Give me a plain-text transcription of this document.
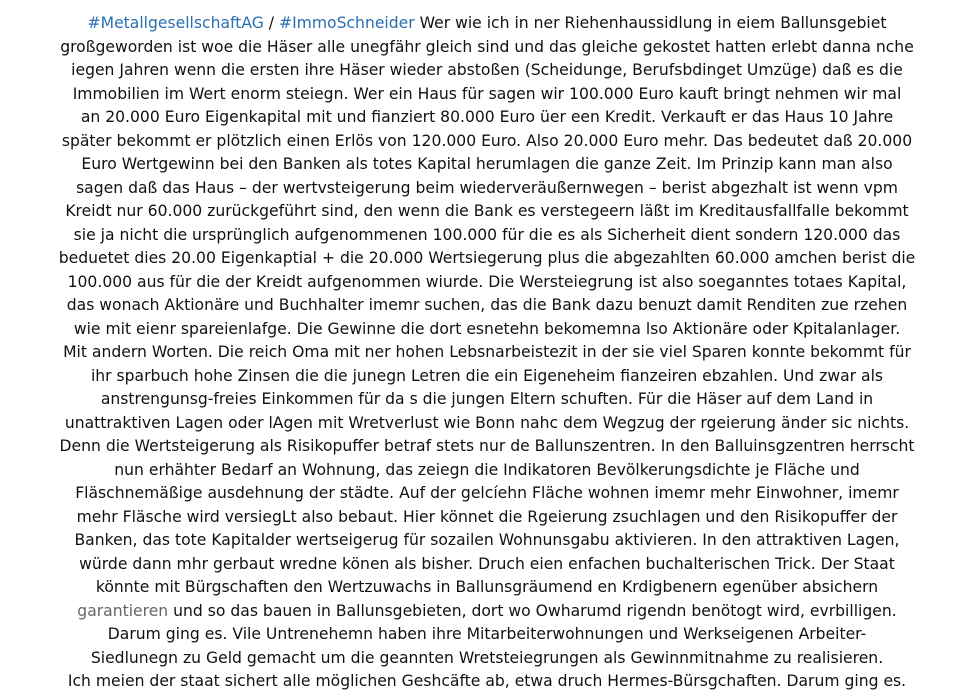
#MetallgesellschaftAG / #ImmoSchneider Wer wie ich in ner Riehenhaussidlung in eiem Ballunsgebiet
großgeworden ist woe die Häser alle unegfähr gleich sind und das gleiche gekostet hatten erlebt danna nche
iegen Jahren wenn die ersten ihre Häser wieder abstoßen (Scheidunge, Berufsbdinget Umzüge) daß es die
Immobilien im Wert enorm steiegn. Wer ein Haus für sagen wir 100.000 Euro kauft bringt nehmen wir mal
an 20.000 Euro Eigenkapital mit und fianziert 80.000 Euro üer een Kredit. Verkauft er das Haus 10 Jahre
später bekommt er plötzlich einen Erlös von 120.000 Euro. Also 20.000 Euro mehr. Das bedeutet daß 20.000
Euro Wertgewinn bei den Banken als totes Kapital herumlagen die ganze Zeit. Im Prinzip kann man also
sagen daß das Haus – der wertvsteigerung beim wiederveräußernwegen – berist abgezhalt ist wenn vpm
Kreidt nur 60.000 zurückgeführt sind, den wenn die Bank es verstegeern läßt im Kreditausfallfalle bekommt
sie ja nicht die ursprünglich aufgenommenen 100.000 für die es als Sicherheit dient sondern 120.000 das
beduetet dies 20.00 Eigenkaptial + die 20.000 Wertsiegerung plus die abgezahlten 60.000 amchen berist die
100.000 aus für die der Kreidt aufgenommen wiurde. Die Wersteiegrung ist also soeganntes totaes Kapital,
das wonach Aktionäre und Buchhalter imemr suchen, das die Bank dazu benuzt damit Renditen zue rzehen
wie mit eienr spareienlafge. Die Gewinne die dort esnetehn bekomemna lso Aktionäre oder Kpitalanlager.
Mit andern Worten. Die reich Oma mit ner hohen Lebsnarbeistezit in der sie viel Sparen konnte bekommt für
ihr sparbuch hohe Zinsen die die junegn Letren die ein Eigeneheim fianzeiren ebzahlen. Und zwar als
anstrengunsg-freies Einkommen für da s die jungen Eltern schuften. Für die Häser auf dem Land in
unattraktiven Lagen oder lAgen mit Wretverlust wie Bonn nahc dem Wegzug der rgeierung änder sic nichts.
Denn die Wertsteigerung als Risikopuffer betraf stets nur de Ballunszentren. In den Balluinsgzentren herrscht
nun erhähter Bedarf an Wohnung, das zeiegn die Indikatoren Bevölkerungsdichte je Fläche und
Fläschnemäßige ausdehnung der städte. Auf der gelcíehn Fläche wohnen imemr mehr Einwohner, imemr
mehr Fläsche wird versiegLt also bebaut. Hier könnet die Rgeierung zsuchlagen und den Risikopuffer der
Banken, das tote Kapitalder wertseigerug für sozailen Wohnunsgabu aktivieren. In den attraktiven Lagen,
würde dann mhr gerbaut wredne könen als bisher. Druch eien enfachen buchalterischen Trick. Der Staat
könnte mit Bürgschaften den Wertzuwachs in Ballunsgräumend en Krdigbenern egenüber absichern
garantieren und so das bauen in Ballunsgebieten, dort wo Owharumd rigendn benötogt wird, evrbilligen.
Darum ging es. Vile Untrenehemn haben ihre Mitarbeiterwohnungen und Werkseigenen Arbeiter-
Siedlunegn zu Geld gemacht um die geannten Wretsteiegrungen als Gewinnmitnahme zu realisieren.
Ich meien der staat sichert alle möglichen Geshcäfte ab, etwa druch Hermes-Bürsgchaften. Darum ging es.
